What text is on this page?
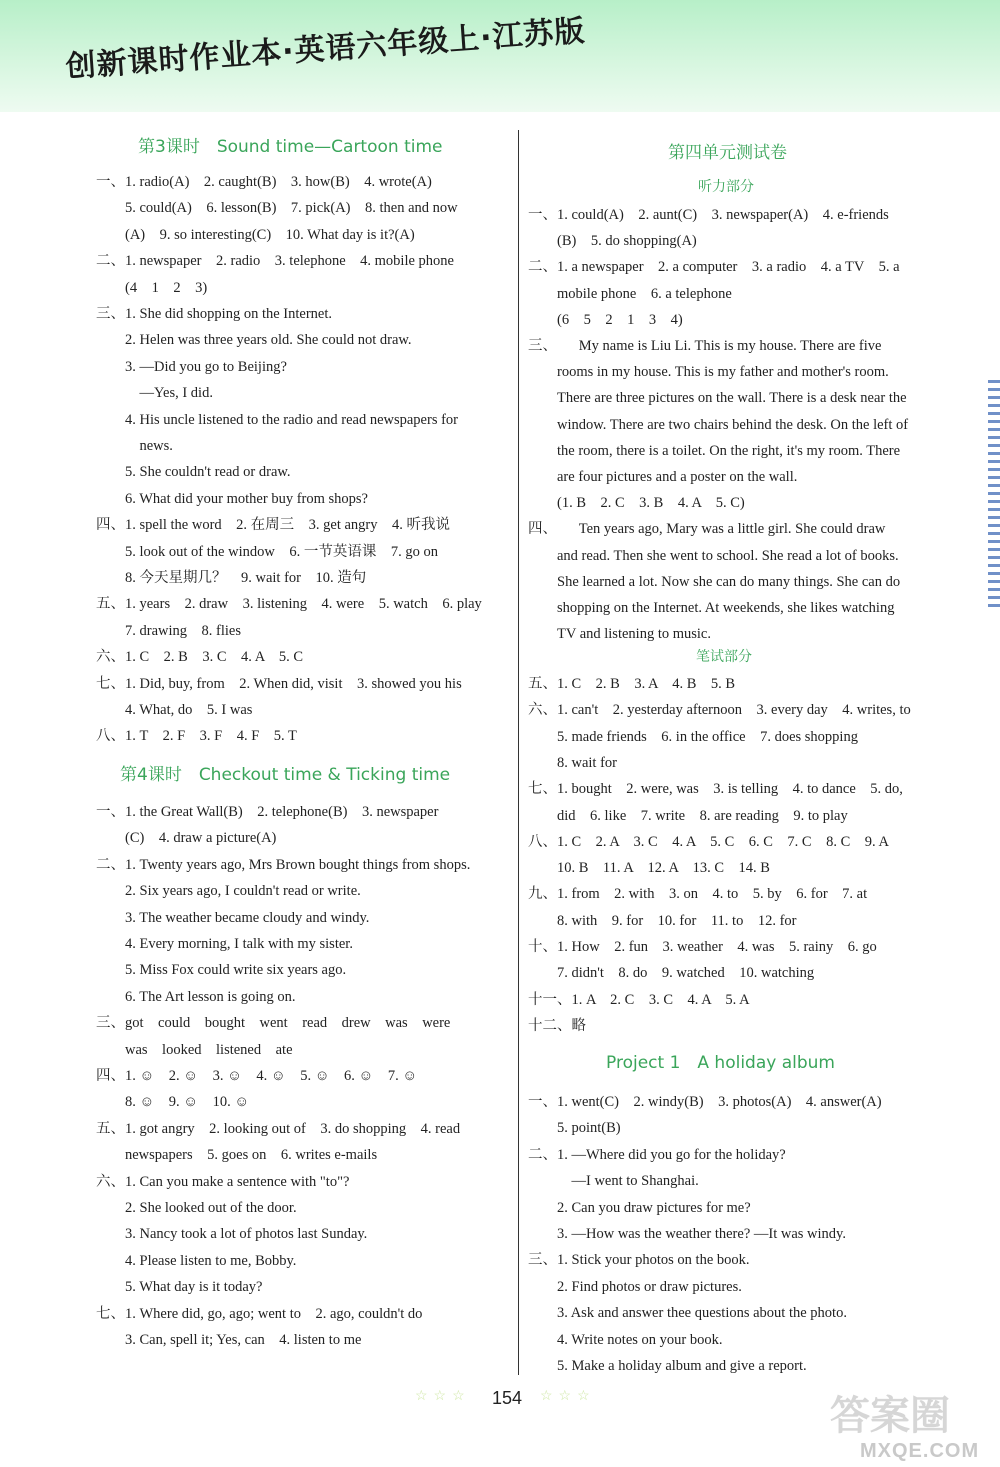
创新课时作业本·英语六年级上·江苏版
第3课时　Sound time—Cartoon time
一、1. radio(A)　2. caught(B)　3. how(B)　4. wrote(A)
　　5. could(A)　6. lesson(B)　7. pick(A)　8. then and now
　　(A)　9. so interesting(C)　10. What day is it?(A)
二、1. newspaper　2. radio　3. telephone　4. mobile phone
　　(4　1　2　3)
三、1. She did shopping on the Internet.
　　2. Helen was three years old. She could not draw.
　　3. —Did you go to Beijing?
　　　—Yes, I did.
　　4. His uncle listened to the radio and read newspapers for
　　　news.
　　5. She couldn't read or draw.
　　6. What did your mother buy from shops?
四、1. spell the word　2. 在周三　3. get angry　4. 听我说
　　5. look out of the window　6. 一节英语课　7. go on
　　8. 今天星期几？　9. wait for　10. 造句
五、1. years　2. draw　3. listening　4. were　5. watch　6. play
　　7. drawing　8. flies
六、1. C　2. B　3. C　4. A　5. C
七、1. Did, buy, from　2. When did, visit　3. showed you his
　　4. What, do　5. I was
八、1. T　2. F　3. F　4. F　5. T
第4课时　Checkout time & Ticking time
一、1. the Great Wall(B)　2. telephone(B)　3. newspaper
　　(C)　4. draw a picture(A)
二、1. Twenty years ago, Mrs Brown bought things from shops.
　　2. Six years ago, I couldn't read or write.
　　3. The weather became cloudy and windy.
　　4. Every morning, I talk with my sister.
　　5. Miss Fox could write six years ago.
　　6. The Art lesson is going on.
三、got　could　bought　went　read　drew　was　were
　　was　looked　listened　ate
四、1. ☺　2. ☺　3. ☺　4. ☺　5. ☺　6. ☺　7. ☺
　　8. ☺　9. ☺　10. ☺
五、1. got angry　2. looking out of　3. do shopping　4. read
　　newspapers　5. goes on　6. writes e-mails
六、1. Can you make a sentence with "to"?
　　2. She looked out of the door.
　　3. Nancy took a lot of photos last Sunday.
　　4. Please listen to me, Bobby.
　　5. What day is it today?
七、1. Where did, go, ago; went to　2. ago, couldn't do
　　3. Can, spell it; Yes, can　4. listen to me
第四单元测试卷
听力部分
一、1. could(A)　2. aunt(C)　3. newspaper(A)　4. e-friends
　　(B)　5. do shopping(A)
二、1. a newspaper　2. a computer　3. a radio　4. a TV　5. a
　　mobile phone　6. a telephone
　　(6　5　2　1　3　4)
三、　　My name is Liu Li. This is my house. There are five
　　rooms in my house. This is my father and mother's room.
　　There are three pictures on the wall. There is a desk near the
　　window. There are two chairs behind the desk. On the left of
　　the room, there is a toilet. On the right, it's my room. There
　　are four pictures and a poster on the wall.
　　(1. B　2. C　3. B　4. A　5. C)
四、　　Ten years ago, Mary was a little girl. She could draw
　　and read. Then she went to school. She read a lot of books.
　　She learned a lot. Now she can do many things. She can do
　　shopping on the Internet. At weekends, she likes watching
　　TV and listening to music.
笔试部分
五、1. C　2. B　3. A　4. B　5. B
六、1. can't　2. yesterday afternoon　3. every day　4. writes, to
　　5. made friends　6. in the office　7. does shopping
　　8. wait for
七、1. bought　2. were, was　3. is telling　4. to dance　5. do,
　　did　6. like　7. write　8. are reading　9. to play
八、1. C　2. A　3. C　4. A　5. C　6. C　7. C　8. C　9. A
　　10. B　11. A　12. A　13. C　14. B
九、1. from　2. with　3. on　4. to　5. by　6. for　7. at
　　8. with　9. for　10. for　11. to　12. for
十、1. How　2. fun　3. weather　4. was　5. rainy　6. go
　　7. didn't　8. do　9. watched　10. watching
十一、1. A　2. C　3. C　4. A　5. A
十二、略
Project 1　A holiday album
一、1. went(C)　2. windy(B)　3. photos(A)　4. answer(A)
　　5. point(B)
二、1. —Where did you go for the holiday?
　　　—I went to Shanghai.
　　2. Can you draw pictures for me?
　　3. —How was the weather there? —It was windy.
三、1. Stick your photos on the book.
　　2. Find photos or draw pictures.
　　3. Ask and answer thee questions about the photo.
　　4. Write notes on your book.
　　5. Make a holiday album and give a report.
☆☆☆ 154 ☆☆☆	答案圈
MXQE.COM
